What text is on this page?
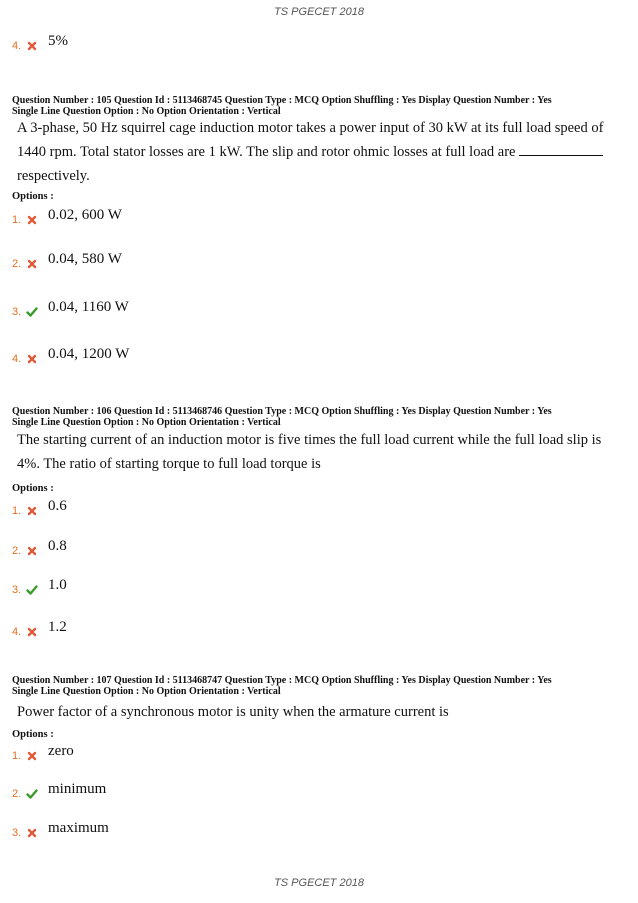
TS PGECET 2018
4. 5%
Question Number : 105 Question Id : 5113468745 Question Type : MCQ Option Shuffling : Yes Display Question Number : Yes
Single Line Question Option : No Option Orientation : Vertical
A 3-phase, 50 Hz squirrel cage induction motor takes a power input of 30 kW at its full load speed of 1440 rpm. Total stator losses are 1 kW. The slip and rotor ohmic losses at full load are  respectively.
Options :
1. 0.02, 600 W
2. 0.04, 580 W
3. 0.04, 1160 W
4. 0.04, 1200 W
Question Number : 106 Question Id : 5113468746 Question Type : MCQ Option Shuffling : Yes Display Question Number : Yes
Single Line Question Option : No Option Orientation : Vertical
The starting current of an induction motor is five times the full load current while the full load slip is 4%. The ratio of starting torque to full load torque is
Options :
1. 0.6
2. 0.8
3. 1.0
4. 1.2
Question Number : 107 Question Id : 5113468747 Question Type : MCQ Option Shuffling : Yes Display Question Number : Yes
Single Line Question Option : No Option Orientation : Vertical
Power factor of a synchronous motor is unity when the armature current is
Options :
1. zero
2. minimum
3. maximum
TS PGECET 2018
